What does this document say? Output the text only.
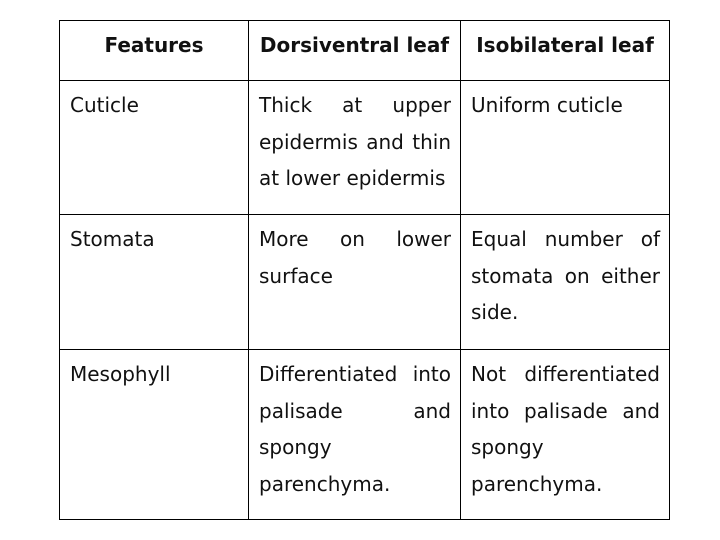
Features	Dorsiventral leaf	Isobilateral leaf

Cuticle	Thick at upper epidermis and thin at lower epidermis	Uniform cuticle

Stomata	More on lower surface	Equal number of stomata on either side.

Mesophyll	Differentiated into palisade and spongy parenchyma.	Not differentiated into palisade and spongy parenchyma.
